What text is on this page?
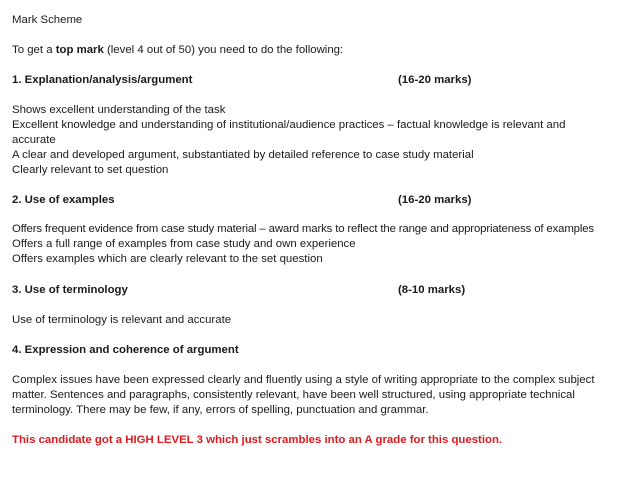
Mark Scheme
To get a top mark (level 4 out of 50) you need to do the following:
1. Explanation/analysis/argument	(16-20 marks)
Shows excellent understanding of the task
Excellent knowledge and understanding of institutional/audience practices – factual knowledge is relevant and
accurate
A clear and developed argument, substantiated by detailed reference to case study material
Clearly relevant to set question
2. Use of examples	(16-20 marks)
Offers frequent evidence from case study material – award marks to reflect the range and appropriateness of examples
Offers a full range of examples from case study and own experience
Offers examples which are clearly relevant to the set question
3. Use of terminology	(8-10 marks)
Use of terminology is relevant and accurate
4. Expression and coherence of argument
Complex issues have been expressed clearly and fluently using a style of writing appropriate to the complex subject
matter. Sentences and paragraphs, consistently relevant, have been well structured, using appropriate technical
terminology. There may be few, if any, errors of spelling, punctuation and grammar.
This candidate got a HIGH LEVEL 3 which just scrambles into an A grade for this question.
